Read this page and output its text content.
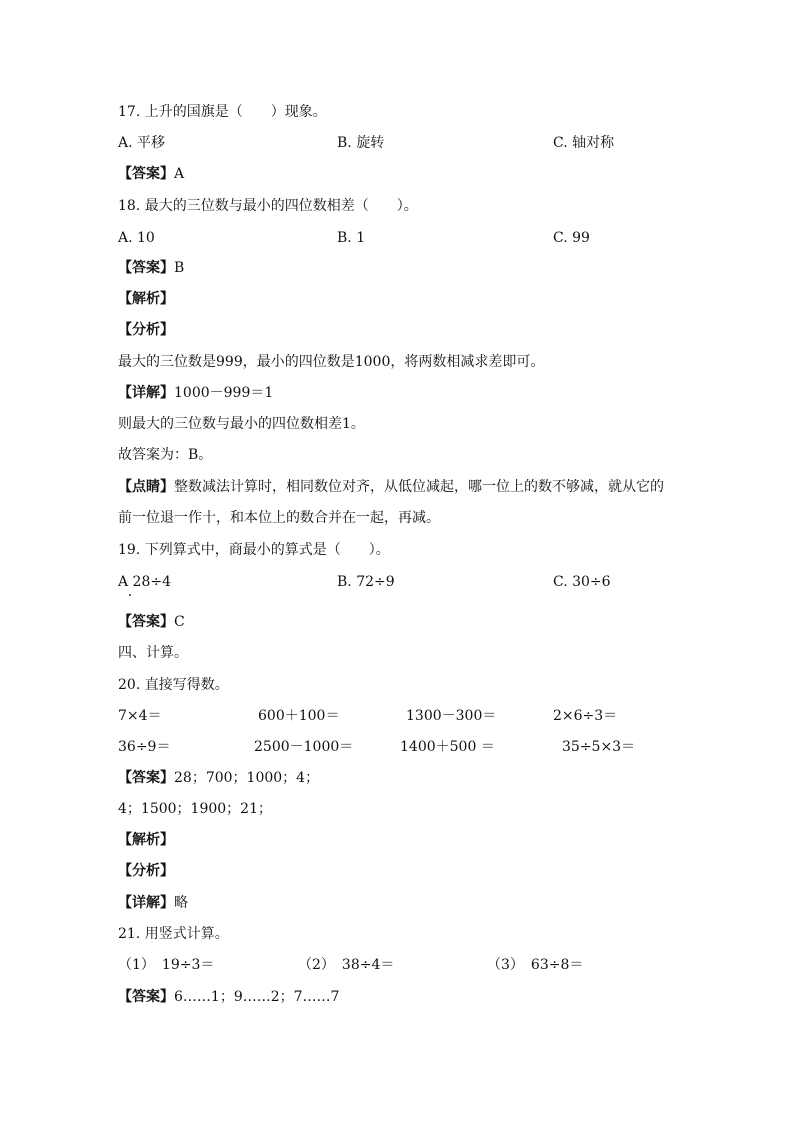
17. 上升的国旗是（　　）现象。
A. 平移	B. 旋转	C. 轴对称
【答案】A
18. 最大的三位数与最小的四位数相差（　　）。
A. 10	B. 1	C. 99
【答案】B
【解析】
【分析】
最大的三位数是999，最小的四位数是1000，将两数相减求差即可。
【详解】1000－999＝1
则最大的三位数与最小的四位数相差1。
故答案为：B。
【点睛】整数减法计算时，相同数位对齐，从低位减起，哪一位上的数不够减，就从它的
前一位退一作十，和本位上的数合并在一起，再减。
19. 下列算式中，商最小的算式是（　　）。
A 28÷4	B. 72÷9	C. 30÷6
【答案】C
四、计算。
20. 直接写得数。
7×4＝	600＋100＝	1300－300＝	2×6÷3＝
36÷9＝	2500－1000＝	1400＋500 ＝	35÷5×3＝
【答案】28；700；1000；4；
4；1500；1900；21；
【解析】
【分析】
【详解】略
21. 用竖式计算。
（1）　19÷3＝	（2）　38÷4＝	（3）　63÷8＝
【答案】6……1；9……2；7……7
